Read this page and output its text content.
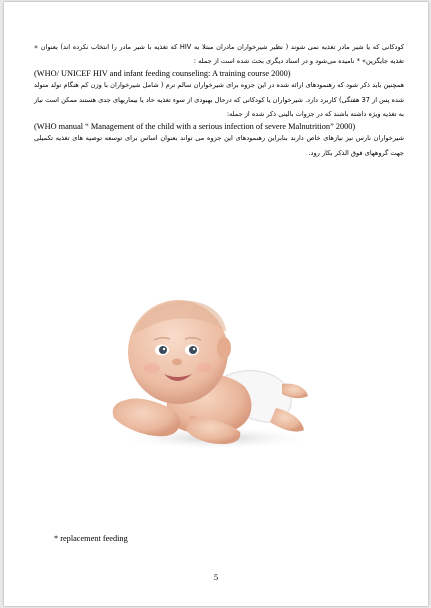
کودکانی که یا شیر مادر تغذیه نمی شوند ( نظیر شیرخواران مادران مبتلا به HIV که تغذیه با شیر مادر را انتخاب نکرده اند) بعنوان « تغذیه جایگزین» * نامیده می‌شود و در اسناد دیگری بحث شده است از جمله :

(WHO/ UNICEF HIV and infant feeding counseling: A training course 2000)

همچنین باید ذکر شود که رهنمودهای ارائه شده در این جزوه برای شیرخواران سالم ترم ( شامل شیرخواران با وزن کم هنگام تولد متولد شده پس از 37 هفتگی) کاربرد دارد. شیرخواران یا کودکانی که درحال بهبودی از سوء تغذیه حاد یا بیماریهای جدی هستند ممکن است نیاز به تغذیه ویژه داشته باشند که در جزوات بالینی ذکر شده از جمله:

(WHO manual “ Management of the child with a serious infection of severe Malnutrition” 2000)

شیرخواران نارس نیز نیازهای خاص دارند بنابراین رهنمودهای این جزوه می تواند بعنوان اساس برای توسعه توصیه های تغذیه تکمیلی جهت گروههای فوق الذکر بکار رود.

* replacement feeding
5
